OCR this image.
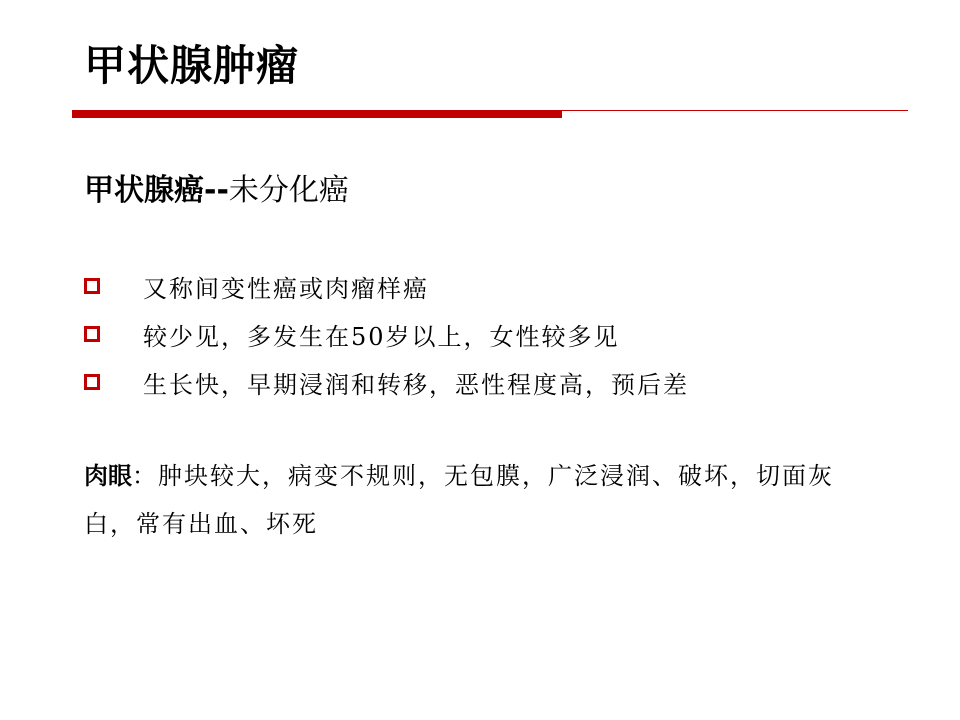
甲状腺肿瘤
甲状腺癌--未分化癌
又称间变性癌或肉瘤样癌
较少见，多发生在50岁以上，女性较多见
生长快，早期浸润和转移，恶性程度高，预后差

肉眼：肿块较大，病变不规则，无包膜，广泛浸润、破坏，切面灰白，常有出血、坏死
